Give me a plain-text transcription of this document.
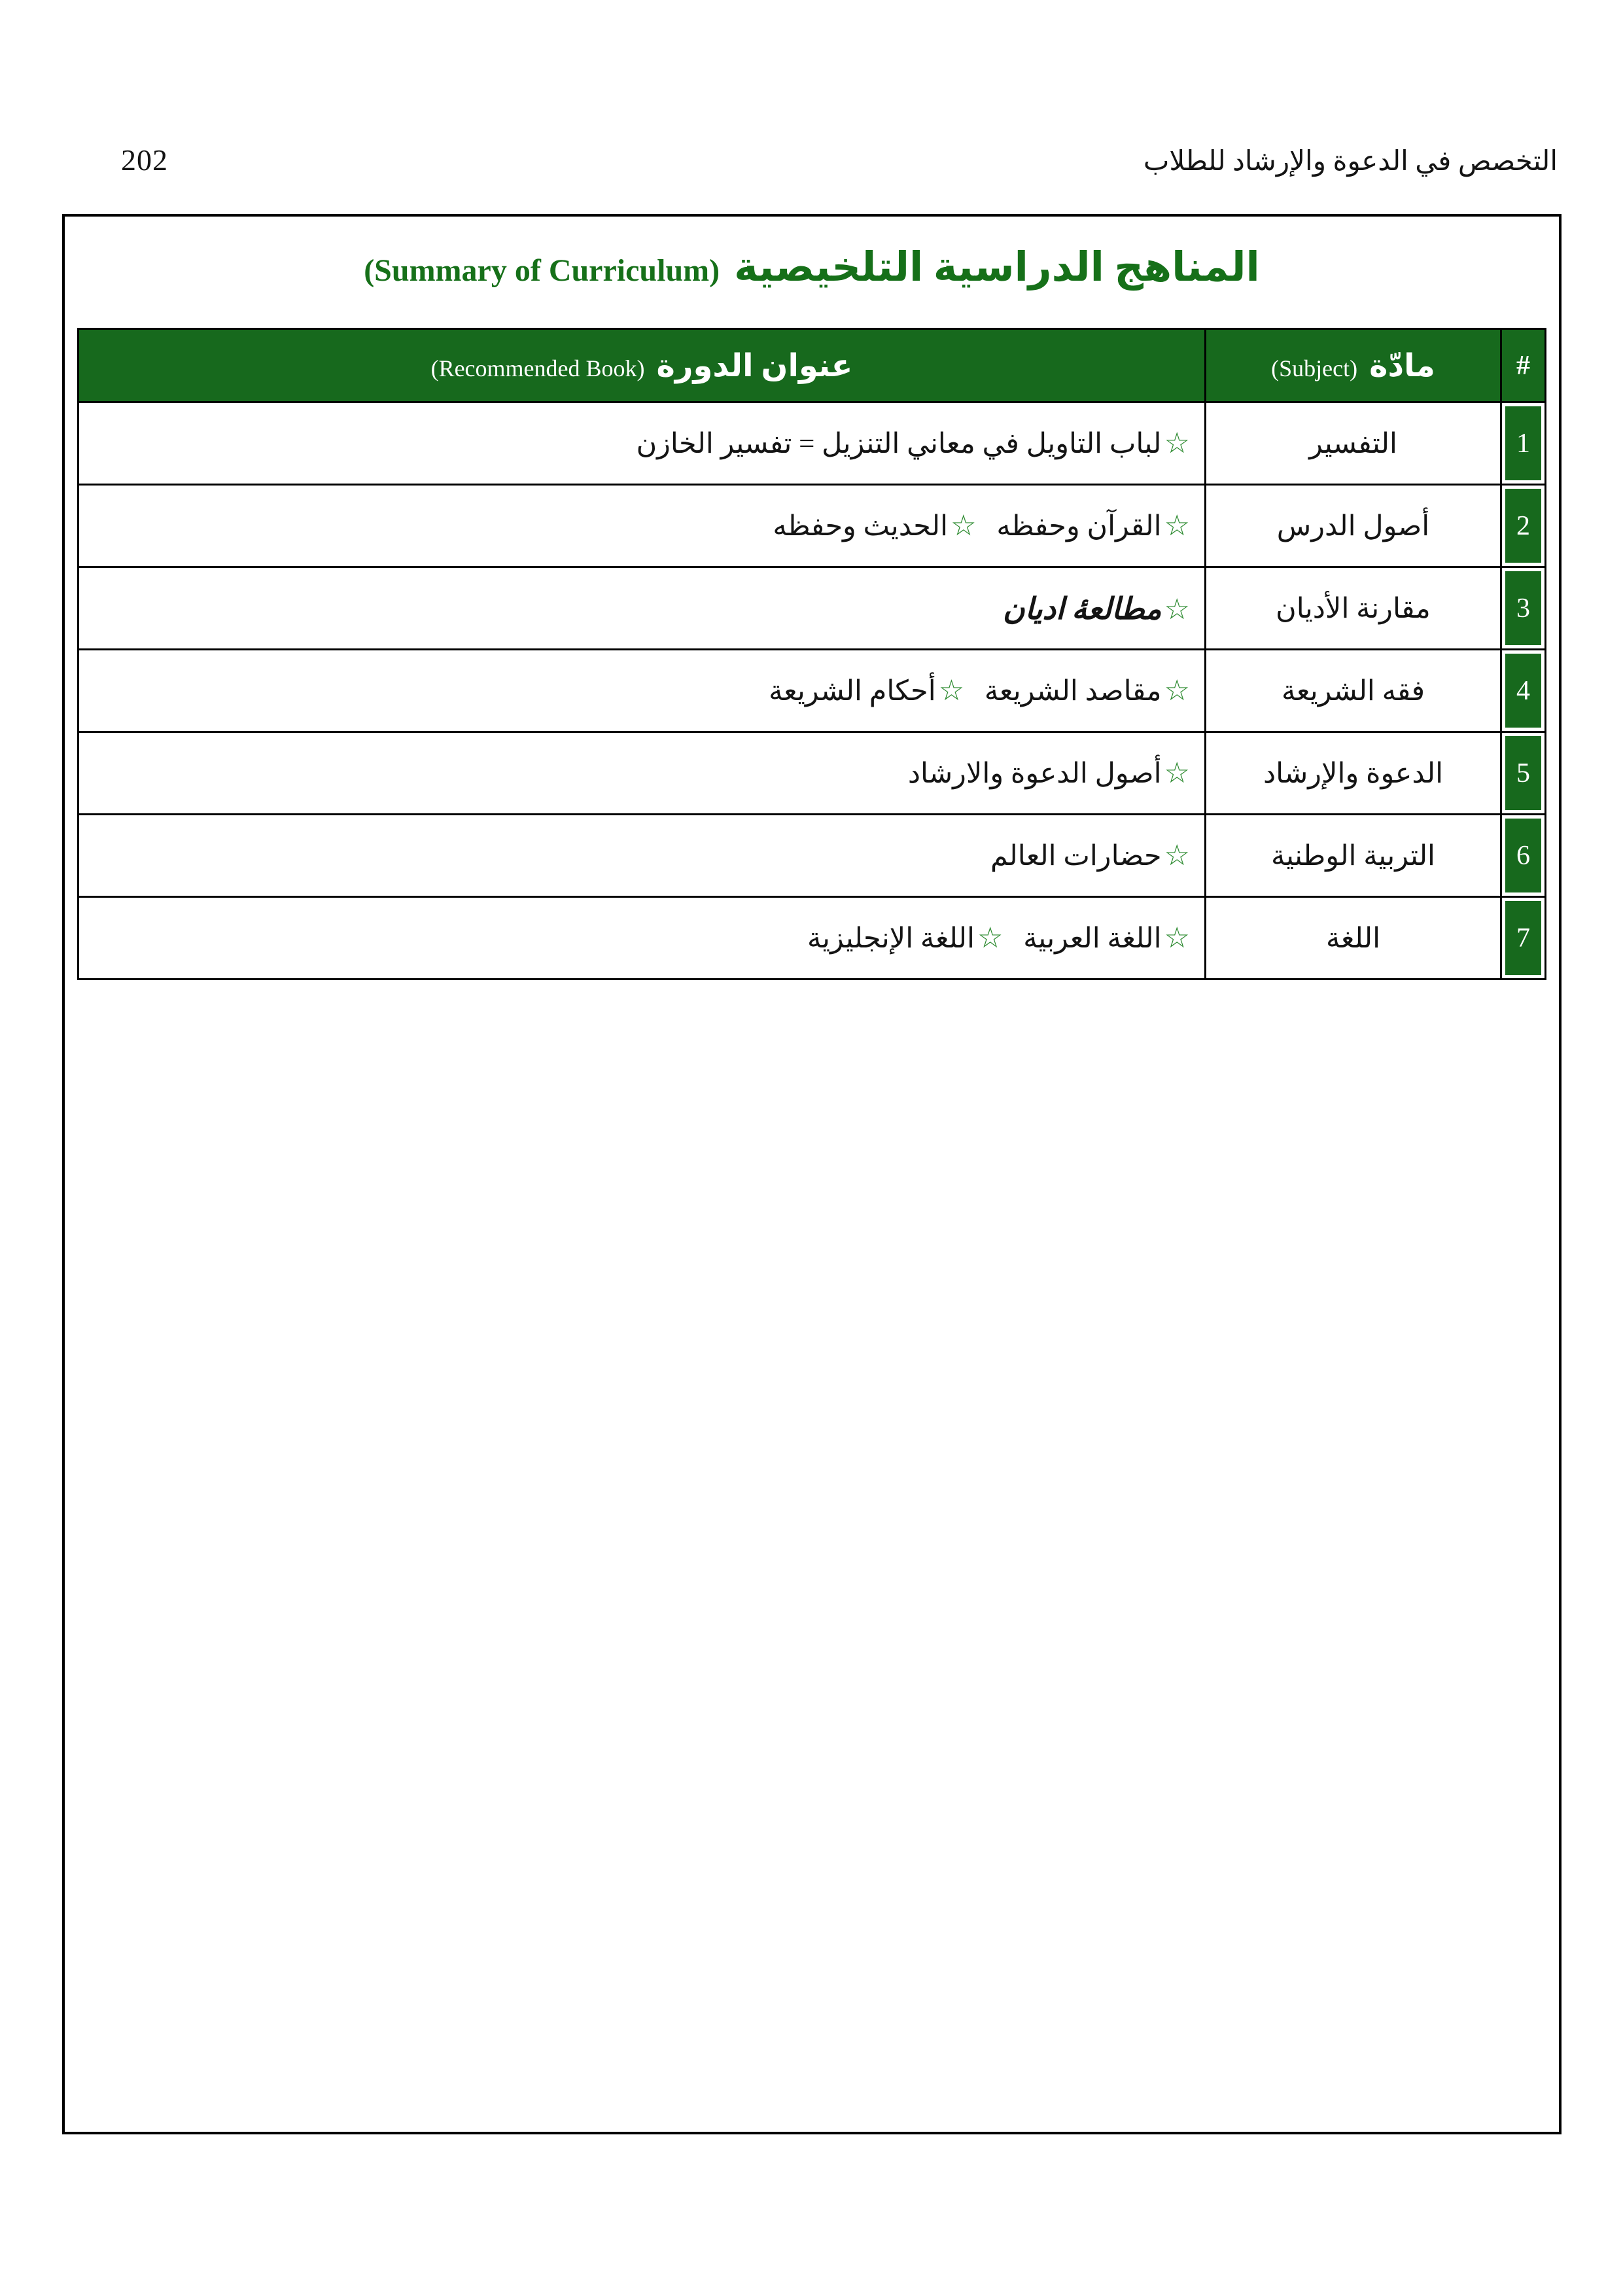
202	التخصص في الدعوة والإرشاد للطلاب
المناهج الدراسية التلخيصية (Summary of Curriculum)
#	مادّة (Subject)	عنوان الدورة (Recommended Book)
1	التفسير	☆لباب التاويل في معاني التنزيل = تفسير الخازن
2	أصول الدرس	☆القرآن وحفظه ☆الحديث وحفظه
3	مقارنة الأديان	☆مطالعهٔ اديان
4	فقه الشريعة	☆مقاصد الشريعة ☆أحكام الشريعة
5	الدعوة والإرشاد	☆أصول الدعوة والارشاد
6	التربية الوطنية	☆حضارات العالم
7	اللغة	☆اللغة العربية ☆اللغة الإنجليزية
